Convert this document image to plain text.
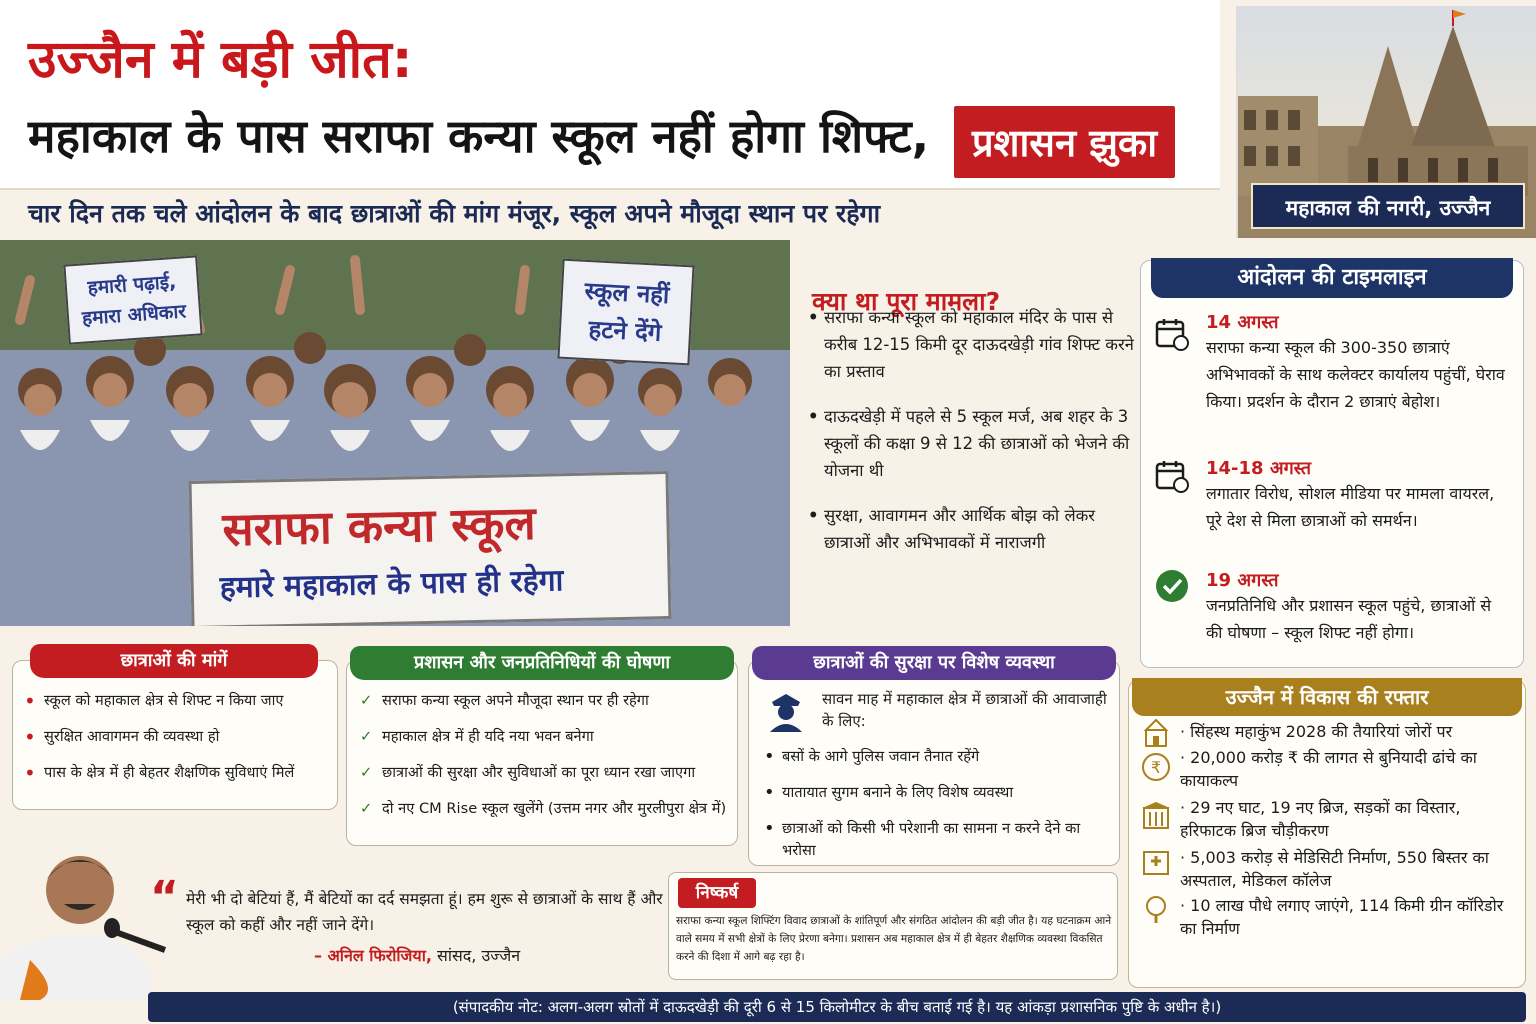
उज्जैन में बड़ी जीत:
महाकाल के पास सराफा कन्या स्कूल नहीं होगा शिफ्ट,	प्रशासन झुका
चार दिन तक चले आंदोलन के बाद छात्राओं की मांग मंजूर, स्कूल अपने मौजूदा स्थान पर रहेगा	महाकाल की नगरी, उज्जैन
हमारी पढ़ाई, हमारा अधिकार
स्कूल नहीं हटने देंगे
सराफा कन्या स्कूल
हमारे महाकाल के पास ही रहेगा
क्या था पूरा मामला?
• सराफा कन्या स्कूल को महाकाल मंदिर के पास से करीब 12-15 किमी दूर दाऊदखेड़ी गांव शिफ्ट करने का प्रस्ताव
• दाऊदखेड़ी में पहले से 5 स्कूल मर्ज, अब शहर के 3 स्कूलों की कक्षा 9 से 12 की छात्राओं को भेजने की योजना थी
• सुरक्षा, आवागमन और आर्थिक बोझ को लेकर छात्राओं और अभिभावकों में नाराजगी
आंदोलन की टाइमलाइन
14 अगस्त
सराफा कन्या स्कूल की 300-350 छात्राएं अभिभावकों के साथ कलेक्टर कार्यालय पहुंचीं, घेराव किया। प्रदर्शन के दौरान 2 छात्राएं बेहोश।
14-18 अगस्त
लगातार विरोध, सोशल मीडिया पर मामला वायरल, पूरे देश से मिला छात्राओं को समर्थन।
19 अगस्त
जनप्रतिनिधि और प्रशासन स्कूल पहुंचे, छात्राओं से की घोषणा – स्कूल शिफ्ट नहीं होगा।
छात्राओं की मांगें
• स्कूल को महाकाल क्षेत्र से शिफ्ट न किया जाए
• सुरक्षित आवागमन की व्यवस्था हो
• पास के क्षेत्र में ही बेहतर शैक्षणिक सुविधाएं मिलें
प्रशासन और जनप्रतिनिधियों की घोषणा
✓ सराफा कन्या स्कूल अपने मौजूदा स्थान पर ही रहेगा
✓ महाकाल क्षेत्र में ही यदि नया भवन बनेगा
✓ छात्राओं की सुरक्षा और सुविधाओं का पूरा ध्यान रखा जाएगा
✓ दो नए CM Rise स्कूल खुलेंगे (उत्तम नगर और मुरलीपुरा क्षेत्र में)
छात्राओं की सुरक्षा पर विशेष व्यवस्था
सावन माह में महाकाल क्षेत्र में छात्राओं की आवाजाही के लिए:
• बसों के आगे पुलिस जवान तैनात रहेंगे
• यातायात सुगम बनाने के लिए विशेष व्यवस्था
• छात्राओं को किसी भी परेशानी का सामना न करने देने का भरोसा
उज्जैन में विकास की रफ्तार
· सिंहस्थ महाकुंभ 2028 की तैयारियां जोरों पर
₹
· 20,000 करोड़ ₹ की लागत से बुनियादी ढांचे का कायाकल्प
· 29 नए घाट, 19 नए ब्रिज, सड़कों का विस्तार, हरिफाटक ब्रिज चौड़ीकरण
· 5,003 करोड़ से मेडिसिटी निर्माण, 550 बिस्तर का अस्पताल, मेडिकल कॉलेज
· 10 लाख पौधे लगाए जाएंगे, 114 किमी ग्रीन कॉरिडोर का निर्माण
“ मेरी भी दो बेटियां हैं, मैं बेटियों का दर्द समझता हूं। हम शुरू से छात्राओं के साथ हैं और स्कूल को कहीं और नहीं जाने देंगे।
– अनिल फिरोजिया, सांसद, उज्जैन
निष्कर्ष
सराफा कन्या स्कूल शिफ्टिंग विवाद छात्राओं के शांतिपूर्ण और संगठित आंदोलन की बड़ी जीत है। यह घटनाक्रम आने वाले समय में सभी क्षेत्रों के लिए प्रेरणा बनेगा। प्रशासन अब महाकाल क्षेत्र में ही बेहतर शैक्षणिक व्यवस्था विकसित करने की दिशा में आगे बढ़ रहा है।
(संपादकीय नोट: अलग-अलग स्रोतों में दाऊदखेड़ी की दूरी 6 से 15 किलोमीटर के बीच बताई गई है। यह आंकड़ा प्रशासनिक पुष्टि के अधीन है।)
